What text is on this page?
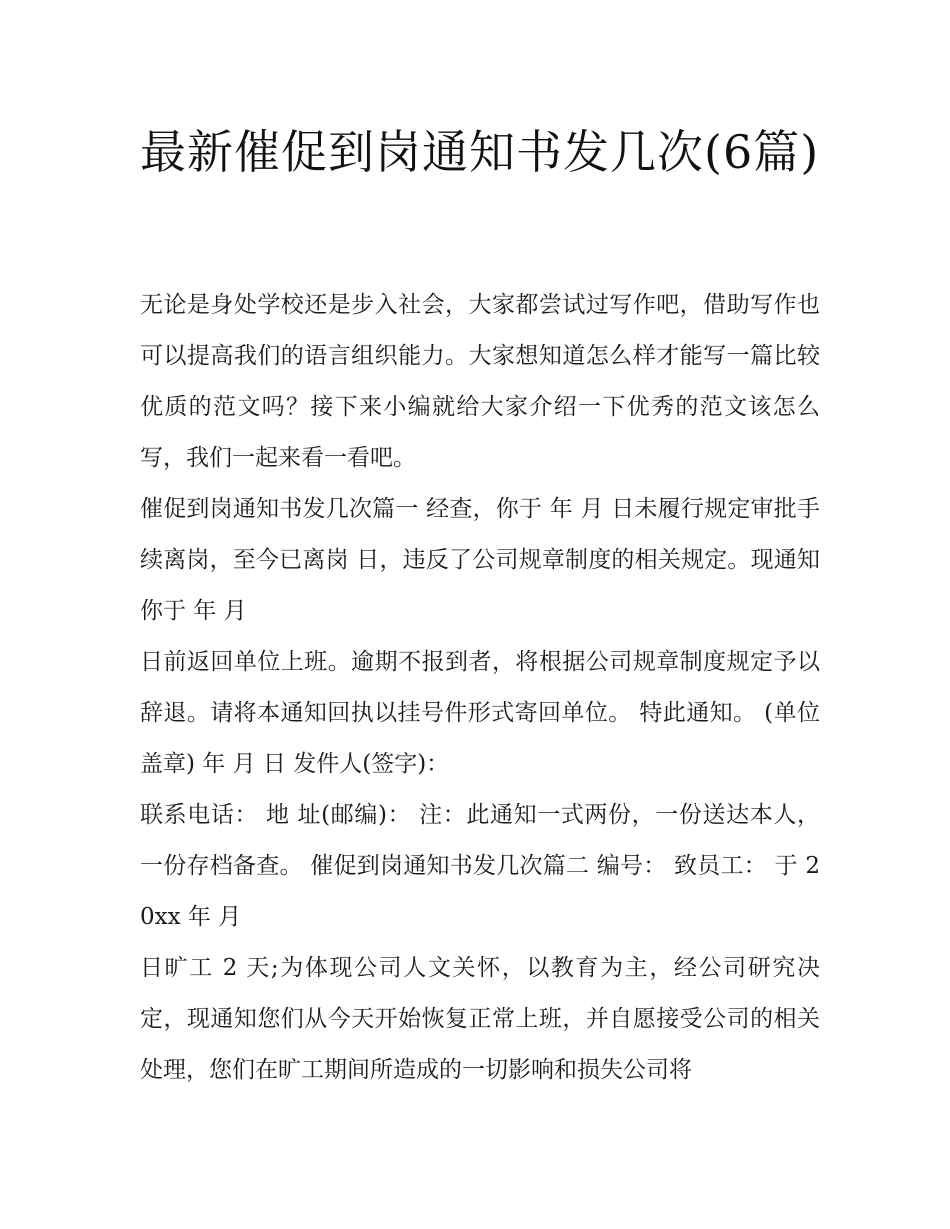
最新催促到岗通知书发几次(6篇)

无论是身处学校还是步入社会，大家都尝试过写作吧，借助写作也可以提高我们的语言组织能力。大家想知道怎么样才能写一篇比较优质的范文吗？接下来小编就给大家介绍一下优秀的范文该怎么写，我们一起来看一看吧。

催促到岗通知书发几次篇一 经查，你于 年 月 日未履行规定审批手续离岗，至今已离岗 日，违反了公司规章制度的相关规定。现通知你于 年 月

日前返回单位上班。逾期不报到者，将根据公司规章制度规定予以辞退。请将本通知回执以挂号件形式寄回单位。 特此通知。 (单位盖章) 年 月 日 发件人(签字)：

联系电话： 地 址(邮编)： 注：此通知一式两份，一份送达本人，一份存档备查。 催促到岗通知书发几次篇二 编号： 致员工： 于 20xx 年 月

日旷工 2 天;为体现公司人文关怀，以教育为主，经公司研究决定，现通知您们从今天开始恢复正常上班，并自愿接受公司的相关处理，您们在旷工期间所造成的一切影响和损失公司将
